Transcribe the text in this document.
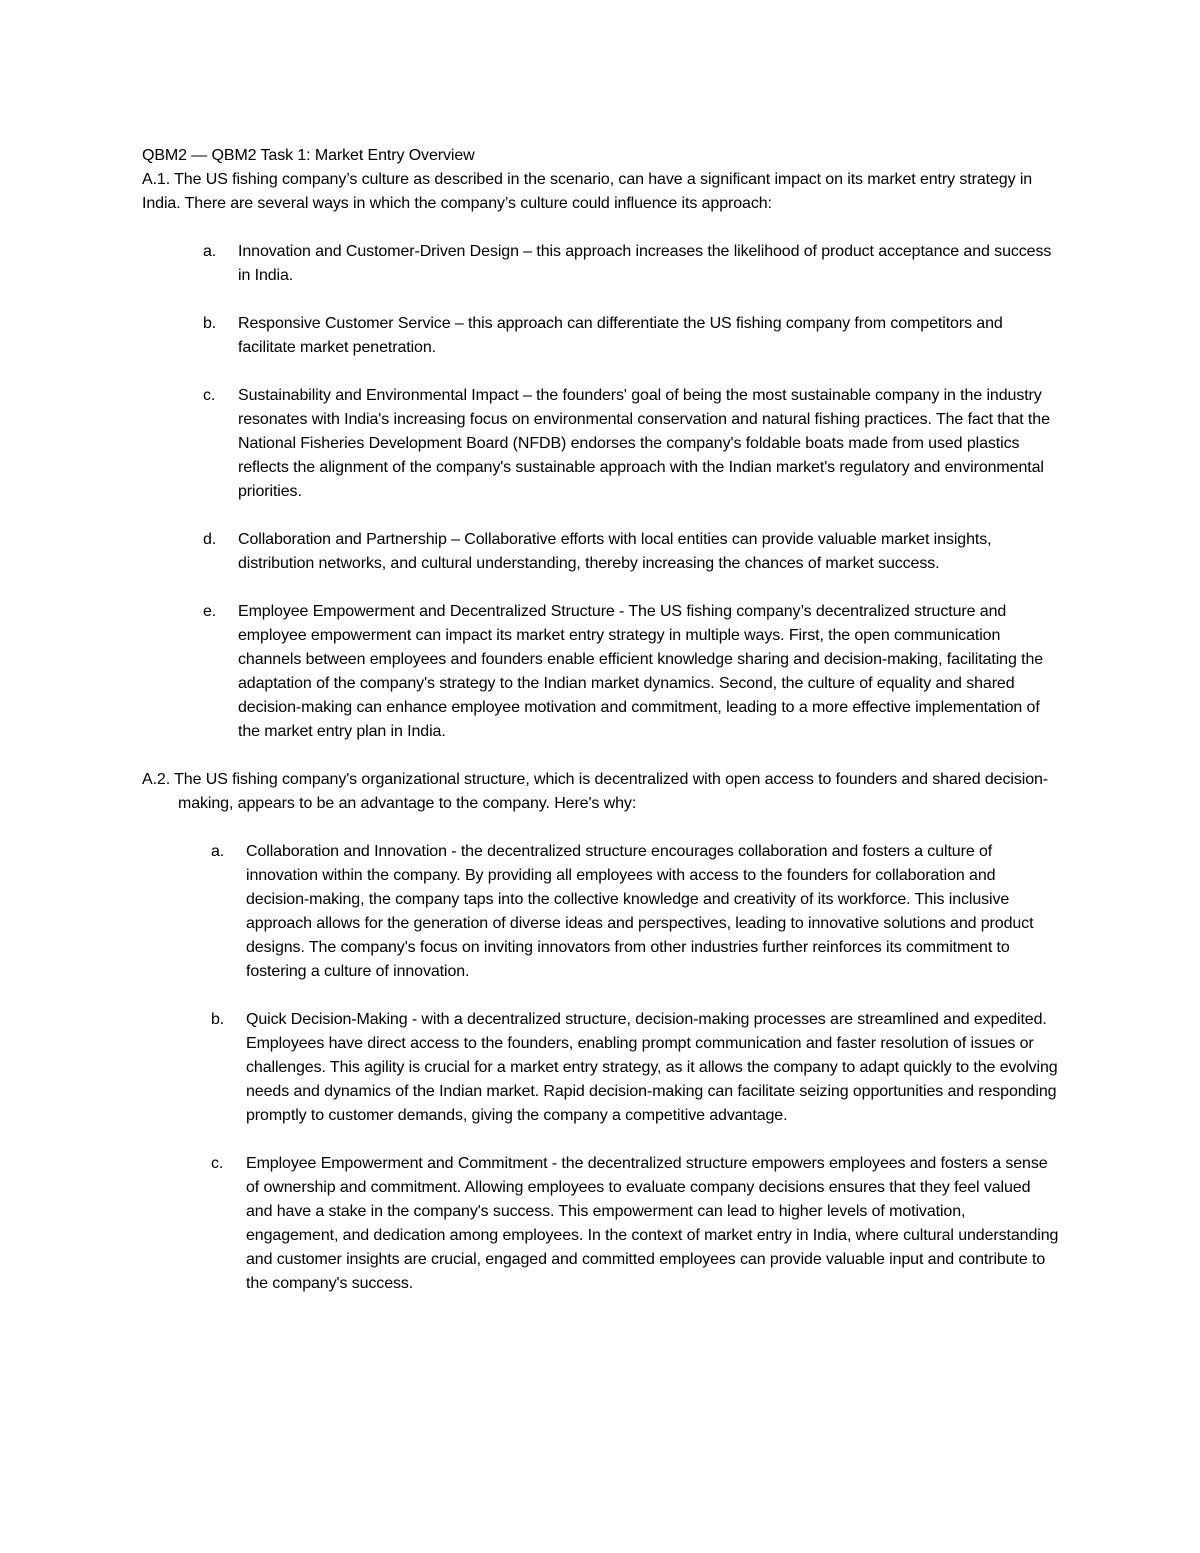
QBM2 — QBM2 Task 1: Market Entry Overview

A.1. The US fishing company’s culture as described in the scenario, can have a significant impact on its market entry strategy in India. There are several ways in which the company’s culture could influence its approach:

a. Innovation and Customer-Driven Design – this approach increases the likelihood of product acceptance and success in India.
b. Responsive Customer Service – this approach can differentiate the US fishing company from competitors and facilitate market penetration.
c. Sustainability and Environmental Impact – the founders' goal of being the most sustainable company in the industry resonates with India's increasing focus on environmental conservation and natural fishing practices. The fact that the National Fisheries Development Board (NFDB) endorses the company's foldable boats made from used plastics reflects the alignment of the company's sustainable approach with the Indian market's regulatory and environmental priorities.
d. Collaboration and Partnership – Collaborative efforts with local entities can provide valuable market insights, distribution networks, and cultural understanding, thereby increasing the chances of market success.
e. Employee Empowerment and Decentralized Structure - The US fishing company’s decentralized structure and employee empowerment can impact its market entry strategy in multiple ways. First, the open communication channels between employees and founders enable efficient knowledge sharing and decision-making, facilitating the adaptation of the company's strategy to the Indian market dynamics. Second, the culture of equality and shared decision-making can enhance employee motivation and commitment, leading to a more effective implementation of the market entry plan in India.

A.2. The US fishing company's organizational structure, which is decentralized with open access to founders and shared decision-making, appears to be an advantage to the company. Here's why:

a. Collaboration and Innovation - the decentralized structure encourages collaboration and fosters a culture of innovation within the company. By providing all employees with access to the founders for collaboration and decision-making, the company taps into the collective knowledge and creativity of its workforce. This inclusive approach allows for the generation of diverse ideas and perspectives, leading to innovative solutions and product designs. The company's focus on inviting innovators from other industries further reinforces its commitment to fostering a culture of innovation.
b. Quick Decision-Making - with a decentralized structure, decision-making processes are streamlined and expedited. Employees have direct access to the founders, enabling prompt communication and faster resolution of issues or challenges. This agility is crucial for a market entry strategy, as it allows the company to adapt quickly to the evolving needs and dynamics of the Indian market. Rapid decision-making can facilitate seizing opportunities and responding promptly to customer demands, giving the company a competitive advantage.
c. Employee Empowerment and Commitment - the decentralized structure empowers employees and fosters a sense of ownership and commitment. Allowing employees to evaluate company decisions ensures that they feel valued and have a stake in the company's success. This empowerment can lead to higher levels of motivation, engagement, and dedication among employees. In the context of market entry in India, where cultural understanding and customer insights are crucial, engaged and committed employees can provide valuable input and contribute to the company's success.
